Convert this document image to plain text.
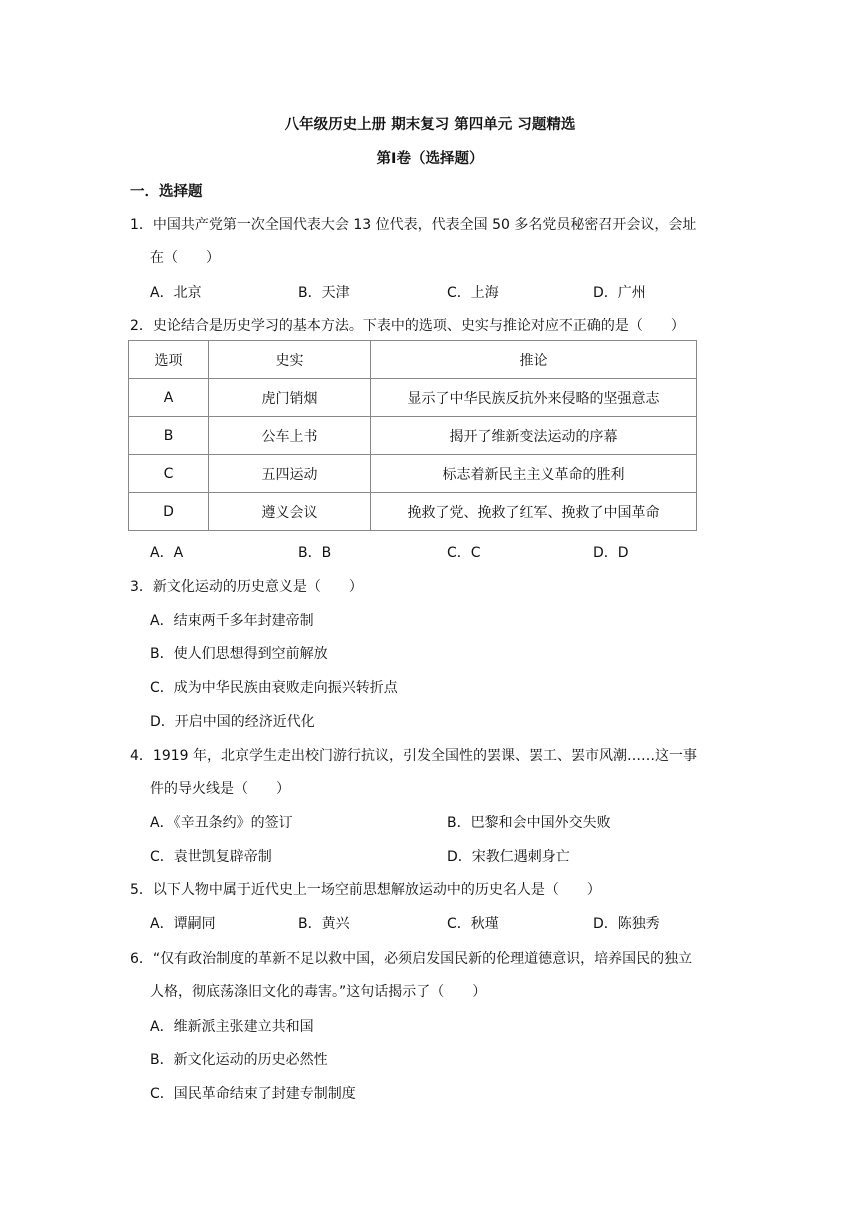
八年级历史上册 期末复习 第四单元 习题精选
第Ⅰ卷（选择题）
一．选择题
1．中国共产党第一次全国代表大会 13 位代表，代表全国 50 多名党员秘密召开会议，会址
在（　　）
A．北京	B．天津	C．上海	D．广州
2．史论结合是历史学习的基本方法。下表中的选项、史实与推论对应不正确的是（　　）
选项	史实	推论
A	虎门销烟	显示了中华民族反抗外来侵略的坚强意志
B	公车上书	揭开了维新变法运动的序幕
C	五四运动	标志着新民主主义革命的胜利
D	遵义会议	挽救了党、挽救了红军、挽救了中国革命
A．A	B．B	C．C	D．D
3．新文化运动的历史意义是（　　）
A．结束两千多年封建帝制
B．使人们思想得到空前解放
C．成为中华民族由衰败走向振兴转折点
D．开启中国的经济近代化
4．1919 年，北京学生走出校门游行抗议，引发全国性的罢课、罢工、罢市风潮……这一事
件的导火线是（　　）
A．《辛丑条约》的签订	B．巴黎和会中国外交失败
C．袁世凯复辟帝制	D．宋教仁遇刺身亡
5．以下人物中属于近代史上一场空前思想解放运动中的历史名人是（　　）
A．谭嗣同	B．黄兴	C．秋瑾	D．陈独秀
6．“仅有政治制度的革新不足以救中国，必须启发国民新的伦理道德意识，培养国民的独立
人格，彻底荡涤旧文化的毒害。”这句话揭示了（　　）
A．维新派主张建立共和国
B．新文化运动的历史必然性
C．国民革命结束了封建专制制度
